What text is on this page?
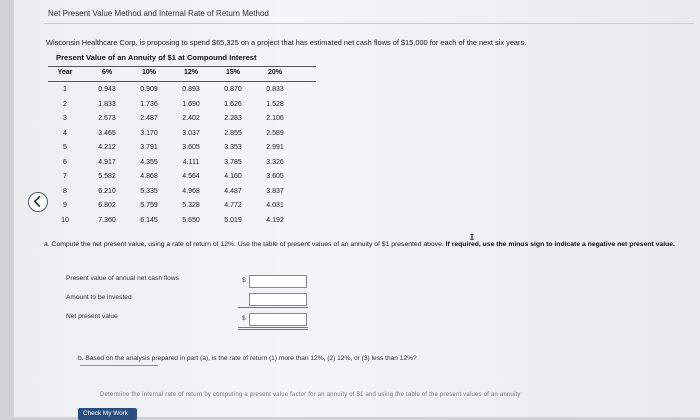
Net Present Value Method and Internal Rate of Return Method
Wisconsin Healthcare Corp. is proposing to spend $65,325 on a project that has estimated net cash flows of $15,000 for each of the next six years.
Present Value of an Annuity of $1 at Compound Interest
Year	6%	10%	12%	15%	20%
1	0.943	0.909	0.893	0.870	0.833
2	1.833	1.736	1.690	1.626	1.528
3	2.673	2.487	2.402	2.283	2.106
4	3.465	3.170	3.037	2.855	2.589
5	4.212	3.791	3.605	3.353	2.991
6	4.917	4.355	4.111	3.785	3.326
7	5.582	4.868	4.564	4.160	3.605
8	6.210	5.335	4.968	4.487	3.837
9	6.802	5.759	5.328	4.772	4.031
10	7.360	6.145	5.650	5.019	4.192
a. Compute the net present value, using a rate of return of 12%. Use the table of present values of an annuity of $1 presented above. If required, use the minus sign to indicate a negative net present value.
Present value of annual net cash flows	$
Amount to be invested
Net present value	$
b. Based on the analysis prepared in part (a), is the rate of return (1) more than 12%, (2) 12%, or (3) less than 12%?
Determine the internal rate of return by computing a present value factor for an annuity of $1 and using the table of the present values of an annuity
Check My Work
